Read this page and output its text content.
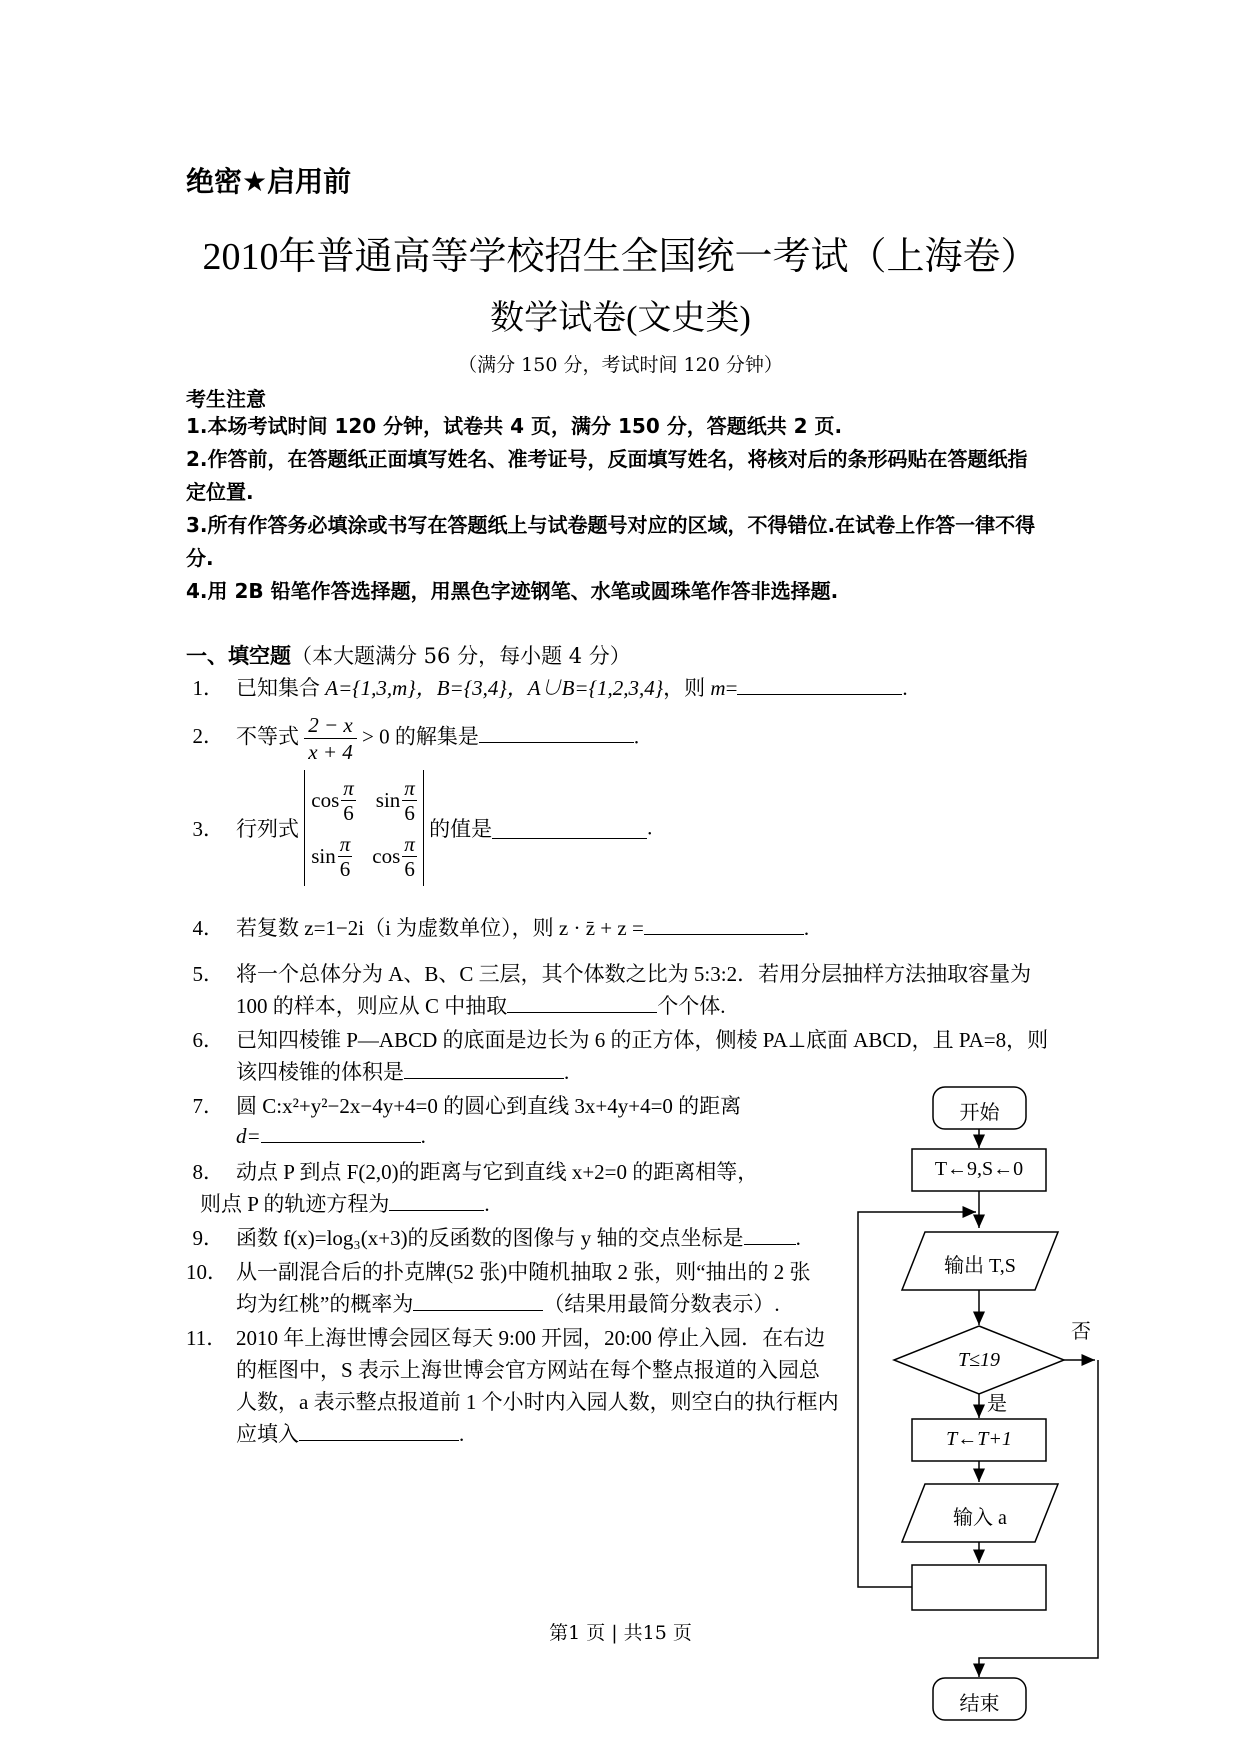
绝密★启用前
2010年普通高等学校招生全国统一考试（上海卷）
数学试卷(文史类)
（满分 150 分，考试时间 120 分钟）
考生注意
1.本场考试时间 120 分钟，试卷共 4 页，满分 150 分，答题纸共 2 页.
2.作答前，在答题纸正面填写姓名、准考证号，反面填写姓名，将核对后的条形码贴在答题纸指定位置.
3.所有作答务必填涂或书写在答题纸上与试卷题号对应的区域，不得错位.在试卷上作答一律不得分.
4.用 2B 铅笔作答选择题，用黑色字迹钢笔、水笔或圆珠笔作答非选择题.
一、填空题（本大题满分 56 分，每小题 4 分）
1． 已知集合 A={1,3,m}，B={3,4}，A∪B={1,2,3,4}，则 m=	.
2． 不等式 $\frac{2 - x}{x + 4} > 0$ 的解集是	.
3． 行列式
cos π
6
sin π
6
sin π
6
cos π
6
的值是	.
4． 若复数 z=1−2i（i 为虚数单位），则 z · z̄ + z =	.
5． 将一个总体分为 A、B、C 三层，其个体数之比为 5:3:2．若用分层抽样方法抽取容量为
100 的样本，则应从 C 中抽取	个个体.
6． 已知四棱锥 P—ABCD 的底面是边长为 6 的正方体，侧棱 PA⊥底面 ABCD，且 PA=8，则
该四棱锥的体积是	.
7． 圆 C:x²+y²−2x−4y+4=0 的圆心到直线 3x+4y+4=0 的距离
d=	.
8． 动点 P 到点 F(2,0)的距离与它到直线 x+2=0 的距离相等，
则点 P 的轨迹方程为	.
9． 函数 f(x)=log₃(x+3)的反函数的图像与 y 轴的交点坐标是 .
10． 从一副混合后的扑克牌(52 张)中随机抽取 2 张，则“抽出的 2 张
均为红桃”的概率为	（结果用最简分数表示）.
11． 2010 年上海世博会园区每天 9:00 开园，20:00 停止入园．在右边
的框图中，S 表示上海世博会官方网站在每个整点报道的入园总
人数，a 表示整点报道前 1 个小时内入园人数，则空白的执行框内
应填入	.
开始
T←9,S←0
输出 T,S
T≤19
否
是
T←T+1
输入 a
结束
第1 页 | 共15 页
